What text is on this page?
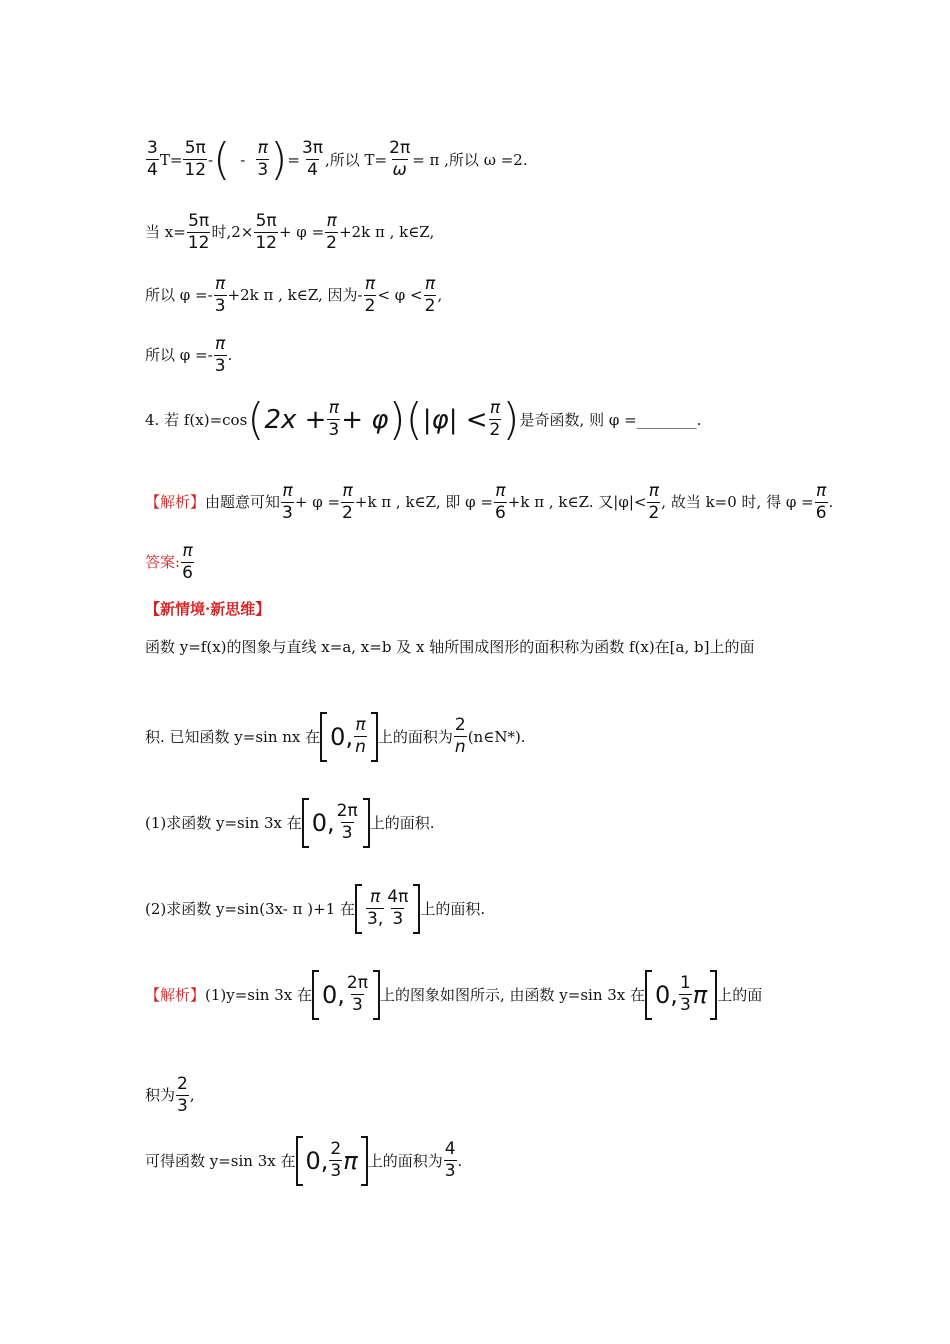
3
4
$T= \frac{5\pi}{12}$ - ( -
π
3 ) = $\frac{3\pi}{4}$ ,所以 $T= \frac{2\pi}{\omega} = \pi$ ,所以 ω =2.
当 $x= \frac{5\pi}{12}$ 时$,2\times \frac{5\pi}{12} + \varphi = \frac{\pi}{2} +2k$ π , k∈Z,
所以 φ =-
π
3
+2k π , k∈Z, 因为-
π
2
< φ <
π
2
,
所以 φ =-
π
3
.
4. 若 f(x)=cos ( $2x + \frac{\pi}{3} + \varphi$ ) ( |φ| < π
2 ) 是奇函数, 则 φ =________.
【解析】 由题意可知
π
3
+ $\varphi = \frac{\pi}{2} +k$ π , k∈Z, 即 $\varphi = \frac{\pi}{6} +k$ π , k∈Z. 又|φ|<
π
2
, 故当 k=0 时, 得 $\varphi = \frac{\pi}{6}$ .
答案:
π
6
【新情境·新思维】
函数 y=f(x)的图象与直线 x=a, x=b 及 x 轴所围成图形的面积称为函数 f(x)在[a, b]上的面
积. 已知函数 y=sin nx 在 0, π
n
上的面积为
2
n
(n∈N*).
(1)求函数 y=sin 3x 在 0, 2π
3
上的面积.
(2)求函数 y=sin(3x- π )+1 在
π
3,
4π
3
上的面积.
【解析】 (1)y=sin 3x 在 0, 2π
3
上的图象如图所示, 由函数 y=sin 3x 在 0, 1
3 π 上的面
积为
2
3
,
可得函数 y=sin 3x 在 0, 2
3 π 上的面积为
4
3
.
